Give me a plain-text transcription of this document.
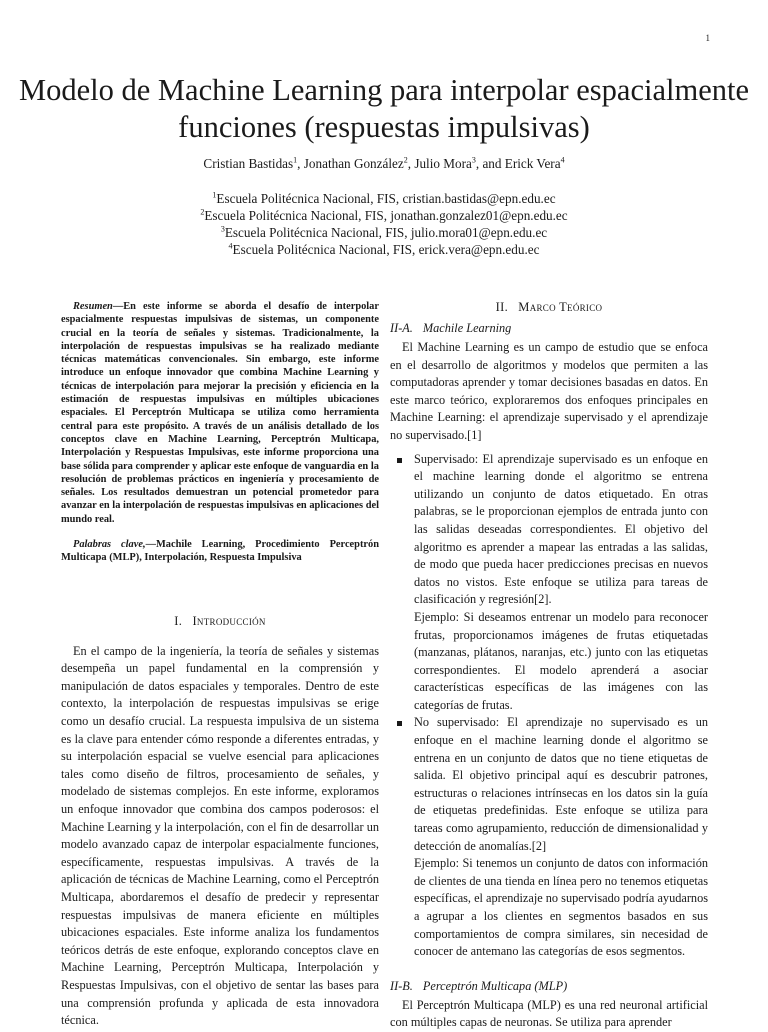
1
Modelo de Machine Learning para interpolar espacialmente funciones (respuestas impulsivas)
Cristian Bastidas$^1$, Jonathan González$^2$, Julio Mora$^3$, and Erick Vera$^4$
$^1$Escuela Politécnica Nacional, FIS, cristian.bastidas@epn.edu.ec
$^2$Escuela Politécnica Nacional, FIS, jonathan.gonzalez01@epn.edu.ec
$^3$Escuela Politécnica Nacional, FIS, julio.mora01@epn.edu.ec
$^4$Escuela Politécnica Nacional, FIS, erick.vera@epn.edu.ec

Resumen—En este informe se aborda el desafío de interpolar espacialmente respuestas impulsivas de sistemas, un componente crucial en la teoría de señales y sistemas. Tradicionalmente, la interpolación de respuestas impulsivas se ha realizado mediante técnicas matemáticas convencionales. Sin embargo, este informe introduce un enfoque innovador que combina Machine Learning y técnicas de interpolación para mejorar la precisión y eficiencia en la estimación de respuestas impulsivas en múltiples ubicaciones espaciales. El Perceptrón Multicapa se utiliza como herramienta central para este propósito. A través de un análisis detallado de los conceptos clave en Machine Learning, Perceptrón Multicapa, Interpolación y Respuestas Impulsivas, este informe proporciona una base sólida para comprender y aplicar este enfoque de vanguardia en la resolución de problemas prácticos en ingeniería y procesamiento de señales. Los resultados demuestran un potencial prometedor para avanzar en la interpolación de respuestas impulsivas en aplicaciones del mundo real.

Palabras clave,—Machile Learning, Procedimiento Perceptrón Multicapa (MLP), Interpolación, Respuesta Impulsiva

I. Introducción

En el campo de la ingeniería, la teoría de señales y sistemas desempeña un papel fundamental en la comprensión y manipulación de datos espaciales y temporales. Dentro de este contexto, la interpolación de respuestas impulsivas se erige como un desafío crucial. La respuesta impulsiva de un sistema es la clave para entender cómo responde a diferentes entradas, y su interpolación espacial se vuelve esencial para aplicaciones tales como diseño de filtros, procesamiento de señales, y modelado de sistemas complejos. En este informe, exploramos un enfoque innovador que combina dos campos poderosos: el Machine Learning y la interpolación, con el fin de desarrollar un modelo avanzado capaz de interpolar espacialmente funciones, específicamente, respuestas impulsivas. A través de la aplicación de técnicas de Machine Learning, como el Perceptrón Multicapa, abordaremos el desafío de predecir y representar respuestas impulsivas de manera eficiente en múltiples ubicaciones espaciales. Este informe analiza los fundamentos teóricos detrás de este enfoque, explorando conceptos clave en Machine Learning, Perceptrón Multicapa, Interpolación y Respuestas Impulsivas, con el objetivo de sentar las bases para una comprensión profunda y aplicada de esta innovadora técnica.

II. Marco Teórico
II-A. Machile Learning

El Machine Learning es un campo de estudio que se enfoca en el desarrollo de algoritmos y modelos que permiten a las computadoras aprender y tomar decisiones basadas en datos. En este marco teórico, exploraremos dos enfoques principales en Machine Learning: el aprendizaje supervisado y el aprendizaje no supervisado.[1]

Supervisado: El aprendizaje supervisado es un enfoque en el machine learning donde el algoritmo se entrena utilizando un conjunto de datos etiquetado. En otras palabras, se le proporcionan ejemplos de entrada junto con las salidas deseadas correspondientes. El objetivo del algoritmo es aprender a mapear las entradas a las salidas, de modo que pueda hacer predicciones precisas en nuevos datos no vistos. Este enfoque se utiliza para tareas de clasificación y regresión[2].
Ejemplo: Si deseamos entrenar un modelo para reconocer frutas, proporcionamos imágenes de frutas etiquetadas (manzanas, plátanos, naranjas, etc.) junto con las etiquetas correspondientes. El modelo aprenderá a asociar características específicas de las imágenes con las categorías de frutas.
No supervisado: El aprendizaje no supervisado es un enfoque en el machine learning donde el algoritmo se entrena en un conjunto de datos que no tiene etiquetas de salida. El objetivo principal aquí es descubrir patrones, estructuras o relaciones intrínsecas en los datos sin la guía de etiquetas predefinidas. Este enfoque se utiliza para tareas como agrupamiento, reducción de dimensionalidad y detección de anomalías.[2]
Ejemplo: Si tenemos un conjunto de datos con información de clientes de una tienda en línea pero no tenemos etiquetas específicas, el aprendizaje no supervisado podría ayudarnos a agrupar a los clientes en segmentos basados en sus comportamientos de compra similares, sin necesidad de conocer de antemano las categorías de esos segmentos.
II-B. Perceptrón Multicapa (MLP)

El Perceptrón Multicapa (MLP) es una red neuronal artificial con múltiples capas de neuronas. Se utiliza para aprender
